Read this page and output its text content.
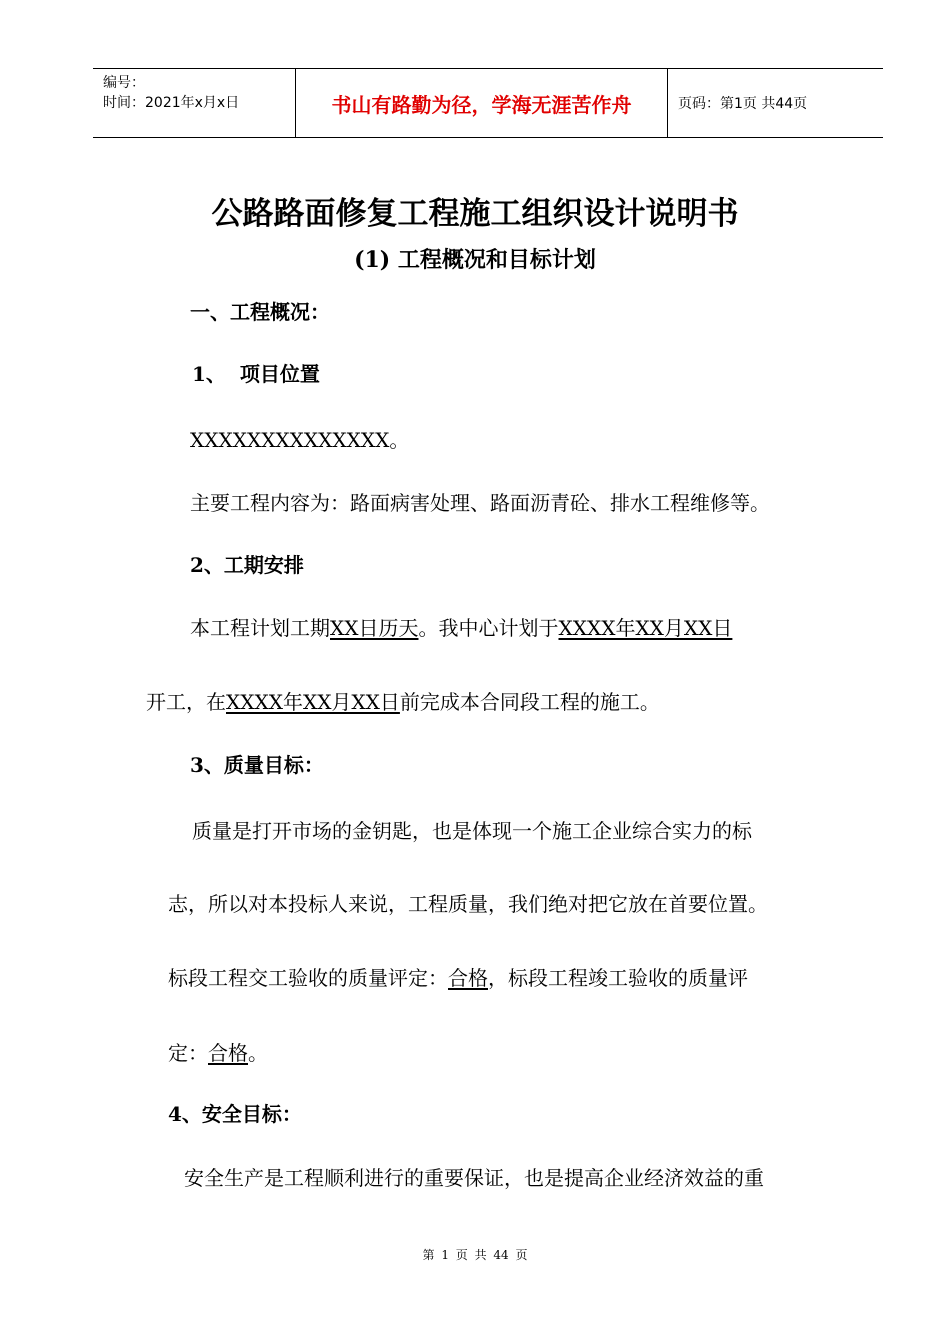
编号：
时间：2021年x月x日	书山有路勤为径，学海无涯苦作舟	页码：第1页 共44页
公路路面修复工程施工组织设计说明书
(1) 工程概况和目标计划
一、工程概况：
1、  项目位置
XXXXXXXXXXXXXX。
主要工程内容为：路面病害处理、路面沥青砼、排水工程维修等。
2、工期安排
本工程计划工期XX日历天。我中心计划于XXXX年XX月XX日
开工，在XXXX年XX月XX日前完成本合同段工程的施工。
3、质量目标：
质量是打开市场的金钥匙，也是体现一个施工企业综合实力的标
志，所以对本投标人来说，工程质量，我们绝对把它放在首要位置。
标段工程交工验收的质量评定：合格，标段工程竣工验收的质量评
定：合格。
4、安全目标：
安全生产是工程顺利进行的重要保证，也是提高企业经济效益的重
第 1 页 共 44 页
